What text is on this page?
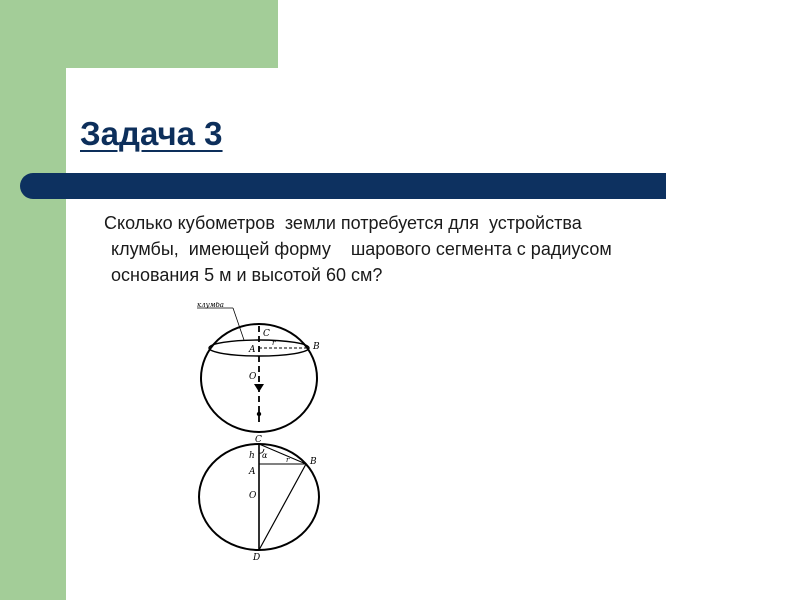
Задача 3
Сколько кубометров  земли потребуется для  устройства
клумбы,  имеющей форму    шарового сегмента с радиусом
основания 5 м и высотой 60 см?
клумба
C
r
A	B
O
C
h α	r B
A
O
D
